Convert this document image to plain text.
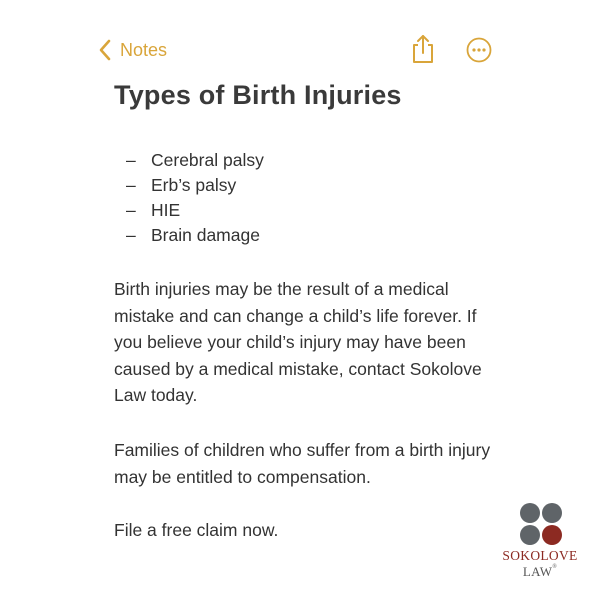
Notes
Types of Birth Injuries
– Cerebral palsy
– Erb’s palsy
– HIE
– Brain damage

Birth injuries may be the result of a medical mistake and can change a child’s life forever. If you believe your child’s injury may have been caused by a medical mistake, contact Sokolove Law today.

Families of children who suffer from a birth injury may be entitled to compensation.

File a free claim now.

SOKOLOVE
LAW®
